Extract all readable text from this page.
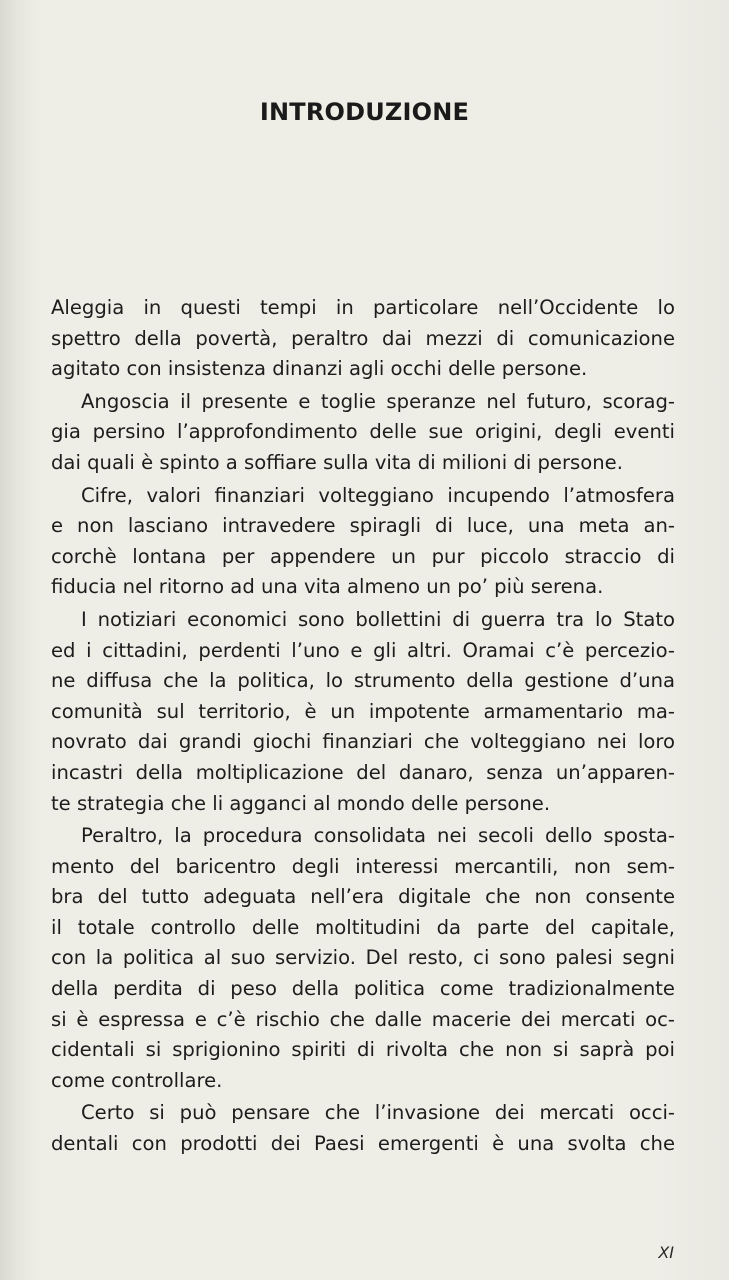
INTRODUZIONE

Aleggia in questi tempi in particolare nell’Occidente lo
spettro della povertà, peraltro dai mezzi di comunicazione
agitato con insistenza dinanzi agli occhi delle persone.

Angoscia il presente e toglie speranze nel futuro, scorag-
gia persino l’approfondimento delle sue origini, degli eventi
dai quali è spinto a soffiare sulla vita di milioni di persone.

Cifre, valori finanziari volteggiano incupendo l’atmosfera
e non lasciano intravedere spiragli di luce, una meta an-
corchè lontana per appendere un pur piccolo straccio di
fiducia nel ritorno ad una vita almeno un po’ più serena.

I notiziari economici sono bollettini di guerra tra lo Stato
ed i cittadini, perdenti l’uno e gli altri. Oramai c’è percezio-
ne diffusa che la politica, lo strumento della gestione d’una
comunità sul territorio, è un impotente armamentario ma-
novrato dai grandi giochi finanziari che volteggiano nei loro
incastri della moltiplicazione del danaro, senza un’apparen-
te strategia che li agganci al mondo delle persone.

Peraltro, la procedura consolidata nei secoli dello sposta-
mento del baricentro degli interessi mercantili, non sem-
bra del tutto adeguata nell’era digitale che non consente
il totale controllo delle moltitudini da parte del capitale,
con la politica al suo servizio. Del resto, ci sono palesi segni
della perdita di peso della politica come tradizionalmente
si è espressa e c’è rischio che dalle macerie dei mercati oc-
cidentali si sprigionino spiriti di rivolta che non si saprà poi
come controllare.

Certo si può pensare che l’invasione dei mercati occi-
dentali con prodotti dei Paesi emergenti è una svolta che

XI
